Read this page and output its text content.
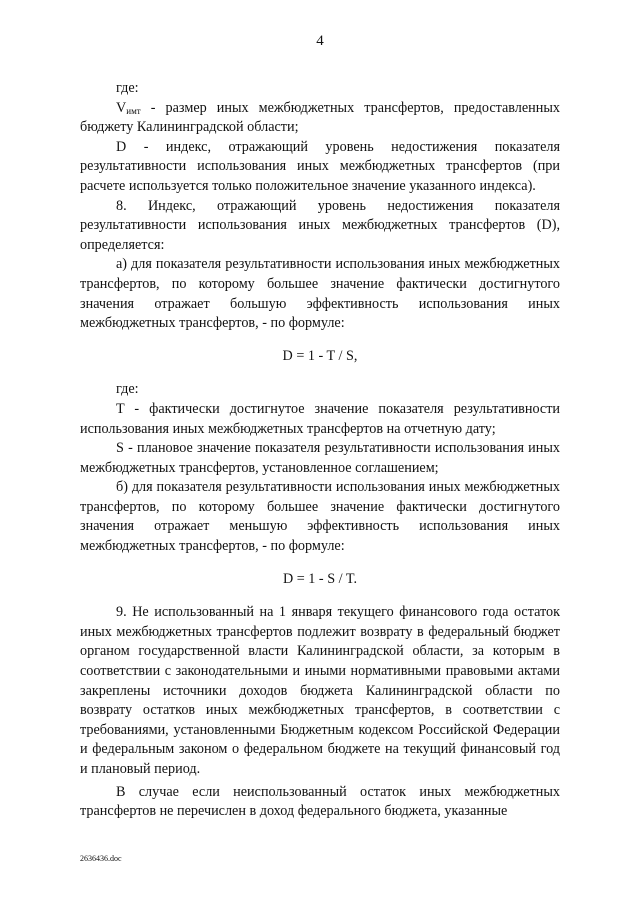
4

где:

$V_{имт}$ - размер иных межбюджетных трансфертов, предоставленных бюджету Калининградской области;

D - индекс, отражающий уровень недостижения показателя результативности использования иных межбюджетных трансфертов (при расчете используется только положительное значение указанного индекса).

8. Индекс, отражающий уровень недостижения показателя результативности использования иных межбюджетных трансфертов (D), определяется:

а) для показателя результативности использования иных межбюджетных трансфертов, по которому большее значение фактически достигнутого значения отражает большую эффективность использования иных межбюджетных трансфертов, - по формуле:

D = 1 - T / S,

где:

T - фактически достигнутое значение показателя результативности использования иных межбюджетных трансфертов на отчетную дату;

S - плановое значение показателя результативности использования иных межбюджетных трансфертов, установленное соглашением;

б) для показателя результативности использования иных межбюджетных трансфертов, по которому большее значение фактически достигнутого значения отражает меньшую эффективность использования иных межбюджетных трансфертов, - по формуле:

D = 1 - S / T.

9. Не использованный на 1 января текущего финансового года остаток иных межбюджетных трансфертов подлежит возврату в федеральный бюджет органом государственной власти Калининградской области, за которым в соответствии с законодательными и иными нормативными правовыми актами закреплены источники доходов бюджета Калининградской области по возврату остатков иных межбюджетных трансфертов, в соответствии с требованиями, установленными Бюджетным кодексом Российской Федерации и федеральным законом о федеральном бюджете на текущий финансовый год и плановый период.

В случае если неиспользованный остаток иных межбюджетных трансфертов не перечислен в доход федерального бюджета, указанные

2636436.doc
